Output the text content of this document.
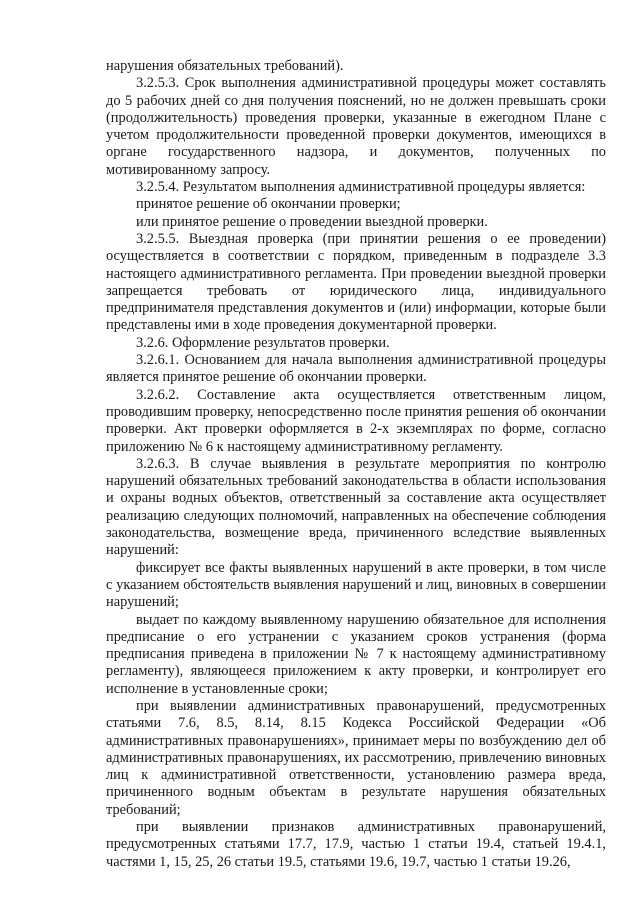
нарушения обязательных требований).

3.2.5.3. Срок выполнения административной процедуры может составлять до 5 рабочих дней со дня получения пояснений, но не должен превышать сроки (продолжительность) проведения проверки, указанные в ежегодном Плане с учетом продолжительности проведенной проверки документов, имеющихся в органе государственного надзора, и документов, полученных по мотивированному запросу.

3.2.5.4. Результатом выполнения административной процедуры является:

принятое решение об окончании проверки;

или принятое решение о проведении выездной проверки.

3.2.5.5. Выездная проверка (при принятии решения о ее проведении) осуществляется в соответствии с порядком, приведенным в подразделе 3.3 настоящего административного регламента. При проведении выездной проверки запрещается требовать от юридического лица, индивидуального предпринимателя представления документов и (или) информации, которые были представлены ими в ходе проведения документарной проверки.

3.2.6. Оформление результатов проверки.

3.2.6.1. Основанием для начала выполнения административной процедуры является принятое решение об окончании проверки.

3.2.6.2. Составление акта осуществляется ответственным лицом, проводившим проверку, непосредственно после принятия решения об окончании проверки. Акт проверки оформляется в 2-х экземплярах по форме, согласно приложению № 6 к настоящему административному регламенту.

3.2.6.3. В случае выявления в результате мероприятия по контролю нарушений обязательных требований законодательства в области использования и охраны водных объектов, ответственный за составление акта осуществляет реализацию следующих полномочий, направленных на обеспечение соблюдения законодательства, возмещение вреда, причиненного вследствие выявленных нарушений:

фиксирует все факты выявленных нарушений в акте проверки, в том числе с указанием обстоятельств выявления нарушений и лиц, виновных в совершении нарушений;

выдает по каждому выявленному нарушению обязательное для исполнения предписание о его устранении с указанием сроков устранения (форма предписания приведена в приложении № 7 к настоящему административному регламенту), являющееся приложением к акту проверки, и контролирует его исполнение в установленные сроки;

при выявлении административных правонарушений, предусмотренных статьями 7.6, 8.5, 8.14, 8.15 Кодекса Российской Федерации «Об административных правонарушениях», принимает меры по возбуждению дел об административных правонарушениях, их рассмотрению, привлечению виновных лиц к административной ответственности, установлению размера вреда, причиненного водным объектам в результате нарушения обязательных требований;

при выявлении признаков административных правонарушений, предусмотренных статьями 17.7, 17.9, частью 1 статьи 19.4, статьей 19.4.1, частями 1, 15, 25, 26 статьи 19.5, статьями 19.6, 19.7, частью 1 статьи 19.26,
